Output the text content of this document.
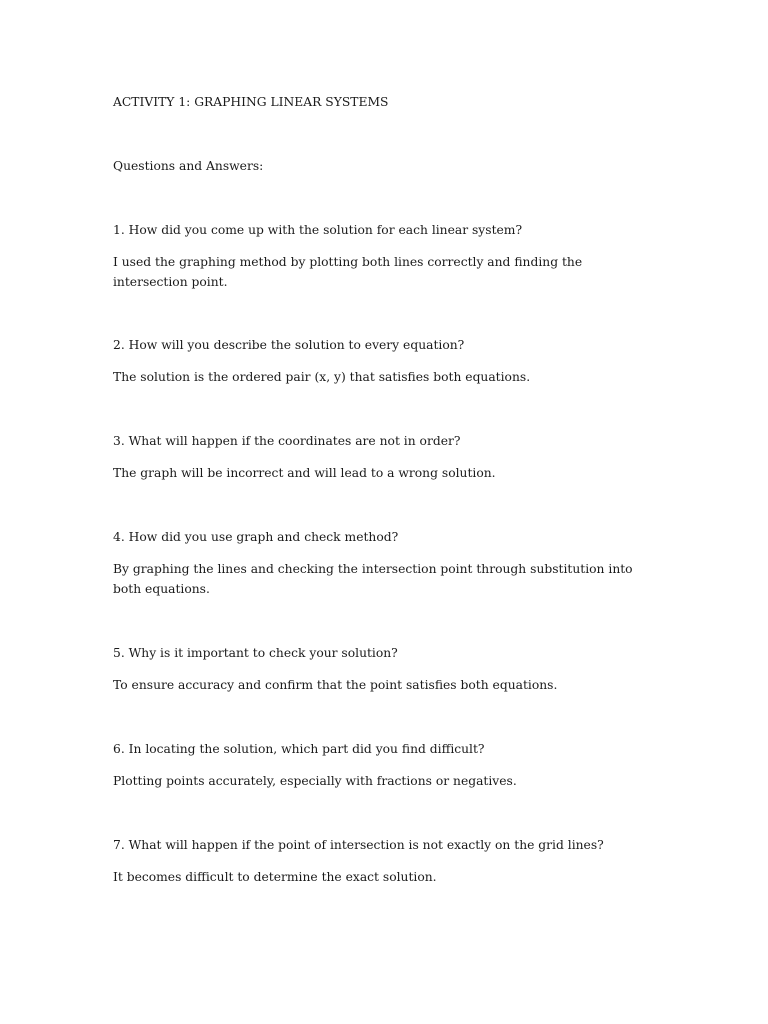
ACTIVITY 1: GRAPHING LINEAR SYSTEMS

Questions and Answers:

1. How did you come up with the solution for each linear system?

I used the graphing method by plotting both lines correctly and finding the intersection point.

2. How will you describe the solution to every equation?

The solution is the ordered pair (x, y) that satisfies both equations.

3. What will happen if the coordinates are not in order?

The graph will be incorrect and will lead to a wrong solution.

4. How did you use graph and check method?

By graphing the lines and checking the intersection point through substitution into both equations.

5. Why is it important to check your solution?

To ensure accuracy and confirm that the point satisfies both equations.

6. In locating the solution, which part did you find difficult?

Plotting points accurately, especially with fractions or negatives.

7. What will happen if the point of intersection is not exactly on the grid lines?

It becomes difficult to determine the exact solution.
